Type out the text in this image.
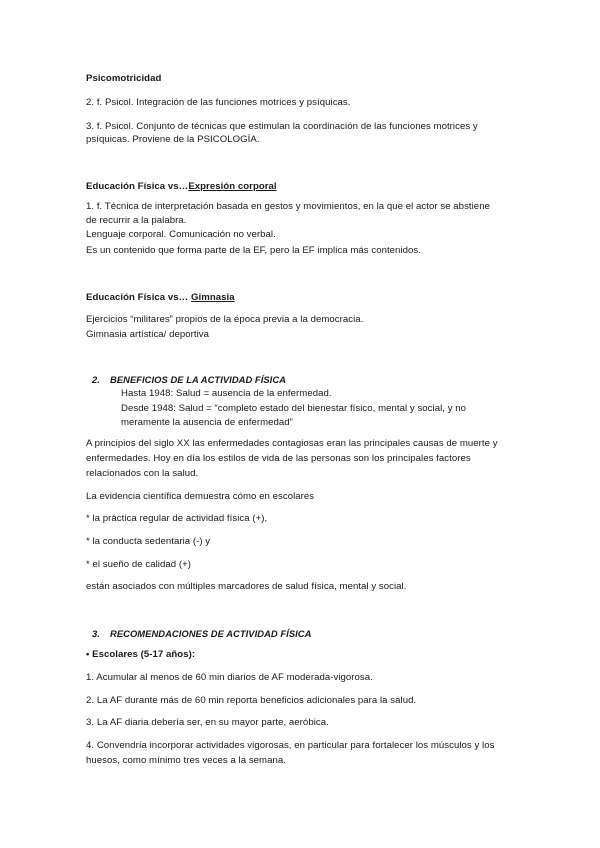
Psicomotricidad
2. f. Psicol. Integración de las funciones motrices y psíquicas.
3. f. Psicol. Conjunto de técnicas que estimulan la coordinación de las funciones motrices y
psíquicas. Proviene de la PSICOLOGÍA.
Educación Física vs…Expresión corporal
1. f. Técnica de interpretación basada en gestos y movimientos, en la que el actor se abstiene
de recurrir a la palabra.
Lenguaje corporal. Comunicación no verbal.
Es un contenido que forma parte de la EF, pero la EF implica más contenidos.
Educación Física vs… Gimnasia
Ejercicios “militares” propios de la época previa a la democracia.
Gimnasia artística/ deportiva
2. BENEFICIOS DE LA ACTIVIDAD FÍSICA
Hasta 1948: Salud = ausencia de la enfermedad.
Desde 1948: Salud = “completo estado del bienestar físico, mental y social, y no
meramente la ausencia de enfermedad”
A principios del siglo XX las enfermedades contagiosas eran las principales causas de muerte y
enfermedades. Hoy en día los estilos de vida de las personas son los principales factores
relacionados con la salud.
La evidencia científica demuestra cómo en escolares
* la práctica regular de actividad física (+),
* la conducta sedentaria (-) y
* el sueño de calidad (+)
están asociados con múltiples marcadores de salud física, mental y social.
3. RECOMENDACIONES DE ACTIVIDAD FÍSICA
• Escolares (5-17 años):
1. Acumular al menos de 60 min diarios de AF moderada-vigorosa.
2. La AF durante más de 60 min reporta beneficios adicionales para la salud.
3. La AF diaria debería ser, en su mayor parte, aeróbica.
4. Convendría incorporar actividades vigorosas, en particular para fortalecer los músculos y los
huesos, como mínimo tres veces a la semana.
